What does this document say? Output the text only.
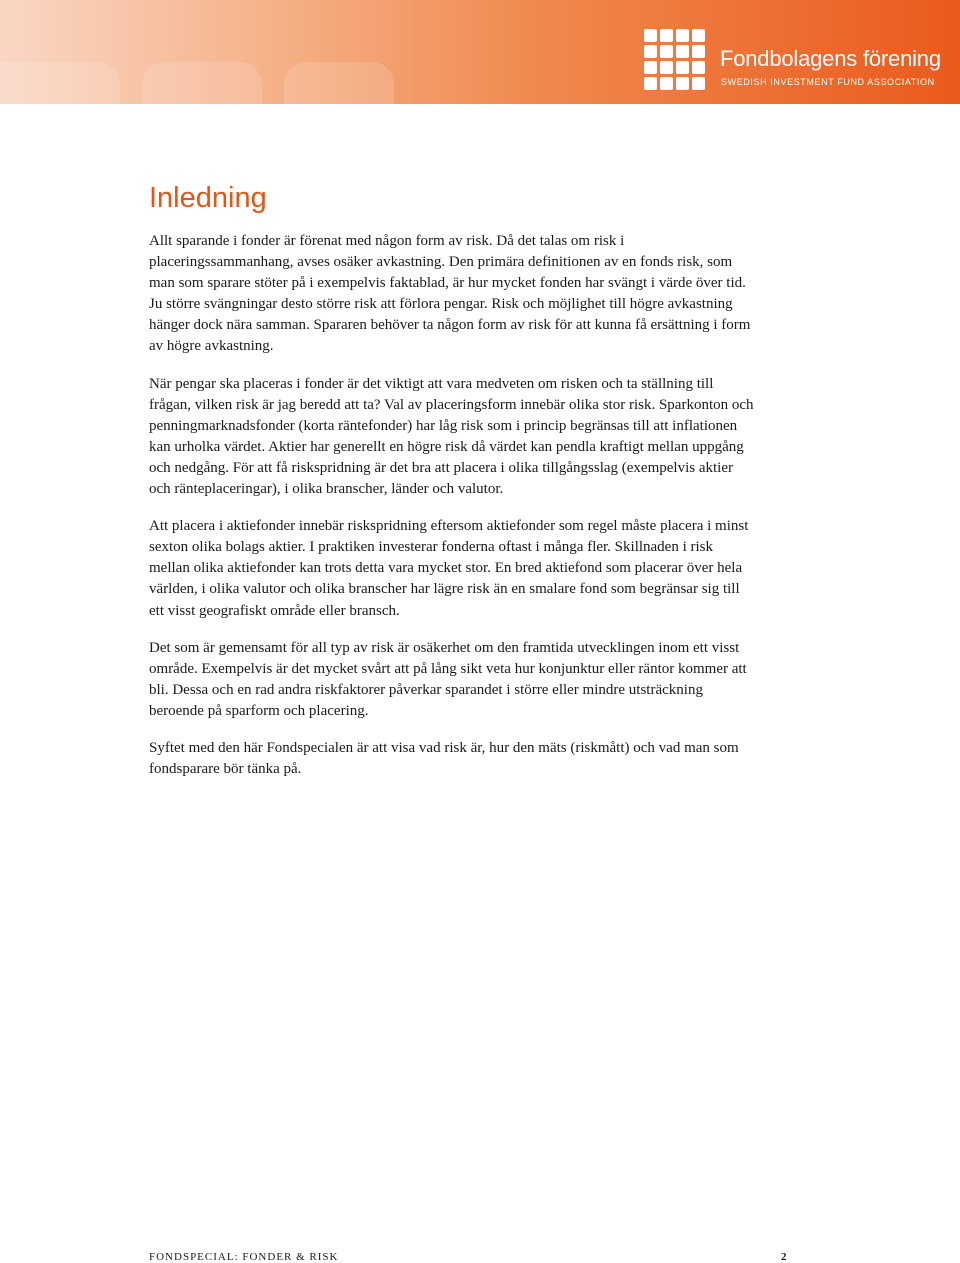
Fondbolagens förening
SWEDISH INVESTMENT FUND ASSOCIATION
Inledning

Allt sparande i fonder är förenat med någon form av risk. Då det talas om risk i placeringssammanhang, avses osäker avkastning. Den primära definitionen av en fonds risk, som man som sparare stöter på i exempelvis faktablad, är hur mycket fonden har svängt i värde över tid. Ju större svängningar desto större risk att förlora pengar. Risk och möjlighet till högre avkastning hänger dock nära samman. Spararen behöver ta någon form av risk för att kunna få ersättning i form av högre avkastning.

När pengar ska placeras i fonder är det viktigt att vara medveten om risken och ta ställning till frågan, vilken risk är jag beredd att ta? Val av placeringsform innebär olika stor risk. Sparkonton och penningmarknadsfonder (korta räntefonder) har låg risk som i princip begränsas till att inflationen kan urholka värdet. Aktier har generellt en högre risk då värdet kan pendla kraftigt mellan uppgång och nedgång. För att få riskspridning är det bra att placera i olika tillgångsslag (exempelvis aktier och ränteplaceringar), i olika branscher, länder och valutor.

Att placera i aktiefonder innebär riskspridning eftersom aktiefonder som regel måste placera i minst sexton olika bolags aktier. I praktiken investerar fonderna oftast i många fler. Skillnaden i risk mellan olika aktiefonder kan trots detta vara mycket stor. En bred aktiefond som placerar över hela världen, i olika valutor och olika branscher har lägre risk än en smalare fond som begränsar sig till ett visst geografiskt område eller bransch.

Det som är gemensamt för all typ av risk är osäkerhet om den framtida utvecklingen inom ett visst område. Exempelvis är det mycket svårt att på lång sikt veta hur konjunktur eller räntor kommer att bli. Dessa och en rad andra riskfaktorer påverkar sparandet i större eller mindre utsträckning beroende på sparform och placering.

Syftet med den här Fondspecialen är att visa vad risk är, hur den mäts (riskmått) och vad man som fondsparare bör tänka på.

FONDSPECIAL: FONDER & RISK	2
